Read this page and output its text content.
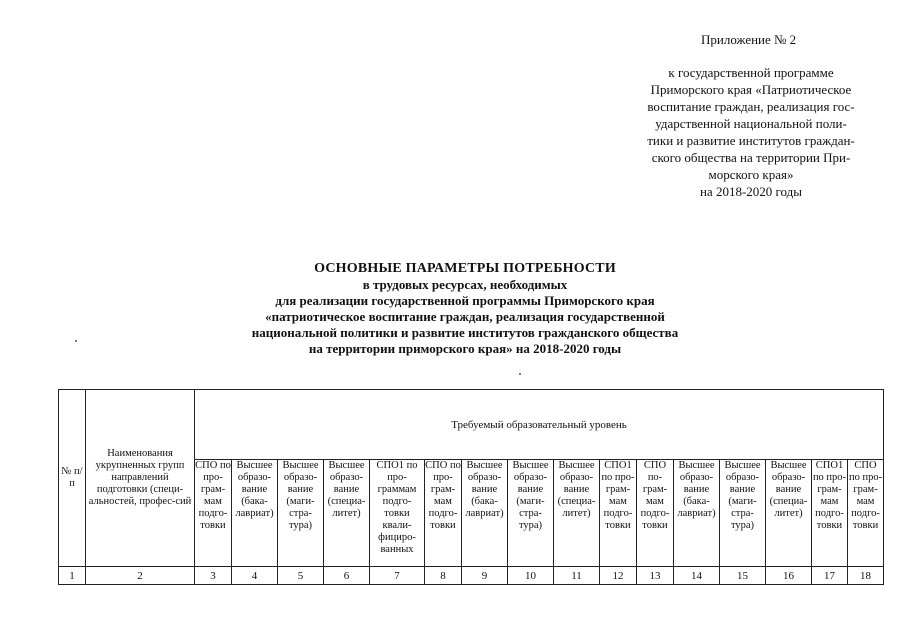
Приложение № 2
к государственной программе
Приморского края «Патриотическое
воспитание граждан, реализация гос-
ударственной национальной поли-
тики и развитие институтов граждан-
ского общества на территории При-
морского края»
на 2018-2020 годы
ОСНОВНЫЕ ПАРАМЕТРЫ ПОТРЕБНОСТИ
в трудовых ресурсах, необходимых
для реализации государственной программы Приморского края
«патриотическое воспитание граждан, реализация государственной
национальной политики и развитие институтов гражданского общества
на территории приморского края» на 2018-2020 годы
№ п/п	Наименования укрупненных групп направлений подготовки (специ-альностей, профес-сий	Требуемый образовательный уровень															
		СПО по про-грам-мам подго-товки	Высшее образо-вание (бака-лавриат)	Высшее образо-вание (маги-стра-тура)	Высшее образо-вание (специа-литет)	СПО1 по про-граммам подго-товки квали-фициро-ванных	СПО по про-грам-мам подго-товки	Высшее образо-вание (бака-лавриат)	Высшее образо-вание (маги-стра-тура)	Высшее образо-вание (специа-литет)	СПО1 по про-грам-мам подго-товки	СПО по-грам-мам подго-товки	Высшее образо-вание (бака-лавриат)	Высшее образо-вание (маги-стра-тура)	Высшее образо-вание (специа-литет)	СПО1 по про-грам-мам подго-товки	СПО по про-грам-мам подго-товки
1	2	3	4	5	6	7	8	9	10	11	12	13	14	15	16	17	18
